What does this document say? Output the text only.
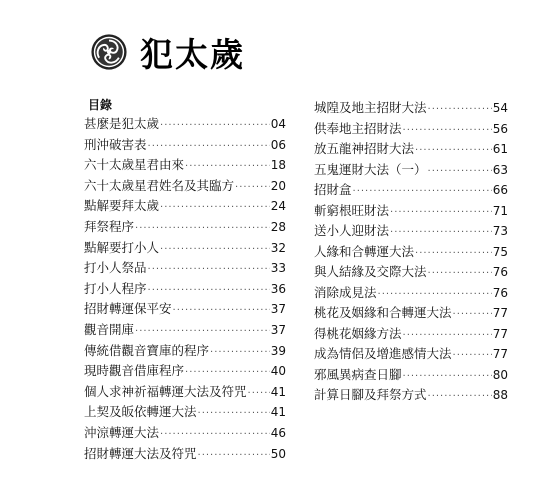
犯太歲
目錄
甚麼是犯太歲 ·····	04
刑沖破害表 ·····	06
六十太歲星君由來 ·····	18
六十太歲星君姓名及其臨方 ·····	20
點解要拜太歲 ·····	24
拜祭程序 ·····	28
點解要打小人 ·····	32
打小人祭品 ·····	33
打小人程序 ·····	36
招財轉運保平安 ·····	37
觀音開庫 ·····	37
傳統借觀音寶庫的程序 ·····	39
現時觀音借庫程序 ·····	40
個人求神祈福轉運大法及符咒 ····· 41
上契及皈依轉運大法 ·····	41
沖涼轉運大法 ·····	46
招財轉運大法及符咒 ·····	50
城隍及地主招財大法 ·····	54
供奉地主招財法 ·····	56
放五龍神招財大法 ·····	61
五鬼運財大法（一） ·····	63
招財盒 ·····	66
斬窮根旺財法 ·····	71
送小人迎財法 ·····	73
人緣和合轉運大法 ·····	75
與人結緣及交際大法 ·····	76
消除成見法 ·····	76
桃花及姻緣和合轉運大法 ·····	77
得桃花姻緣方法 ·····	77
成為情侶及增進感情大法 ·····	77
邪風異病查日腳 ·····	80
計算日腳及拜祭方式 ·····	88
